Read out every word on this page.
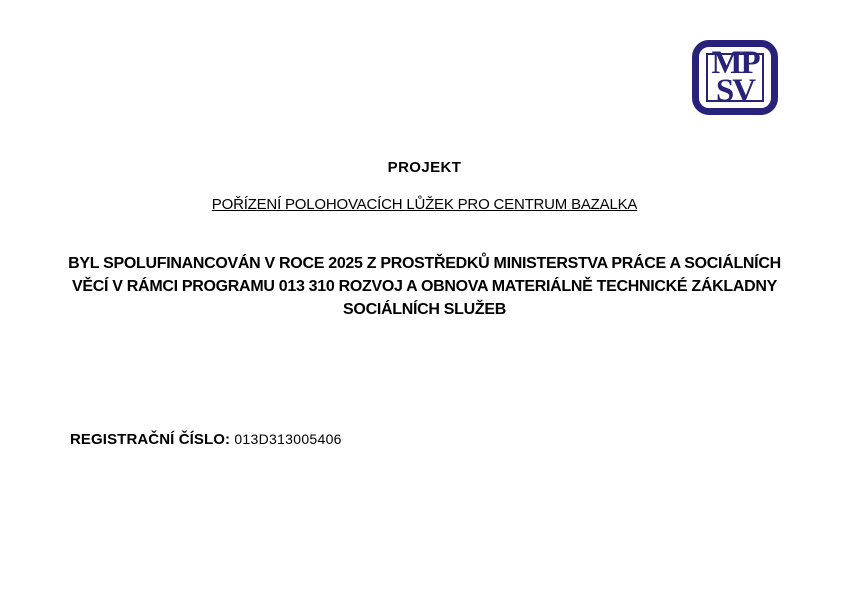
MP
SV
PROJEKT
POŘÍZENÍ POLOHOVACÍCH LŮŽEK PRO CENTRUM BAZALKA
BYL SPOLUFINANCOVÁN V ROCE 2025 Z PROSTŘEDKŮ MINISTERSTVA PRÁCE A SOCIÁLNÍCH
VĚCÍ V RÁMCI PROGRAMU 013 310 ROZVOJ A OBNOVA MATERIÁLNĚ TECHNICKÉ ZÁKLADNY
SOCIÁLNÍCH SLUŽEB
REGISTRAČNÍ ČÍSLO: 013D313005406
